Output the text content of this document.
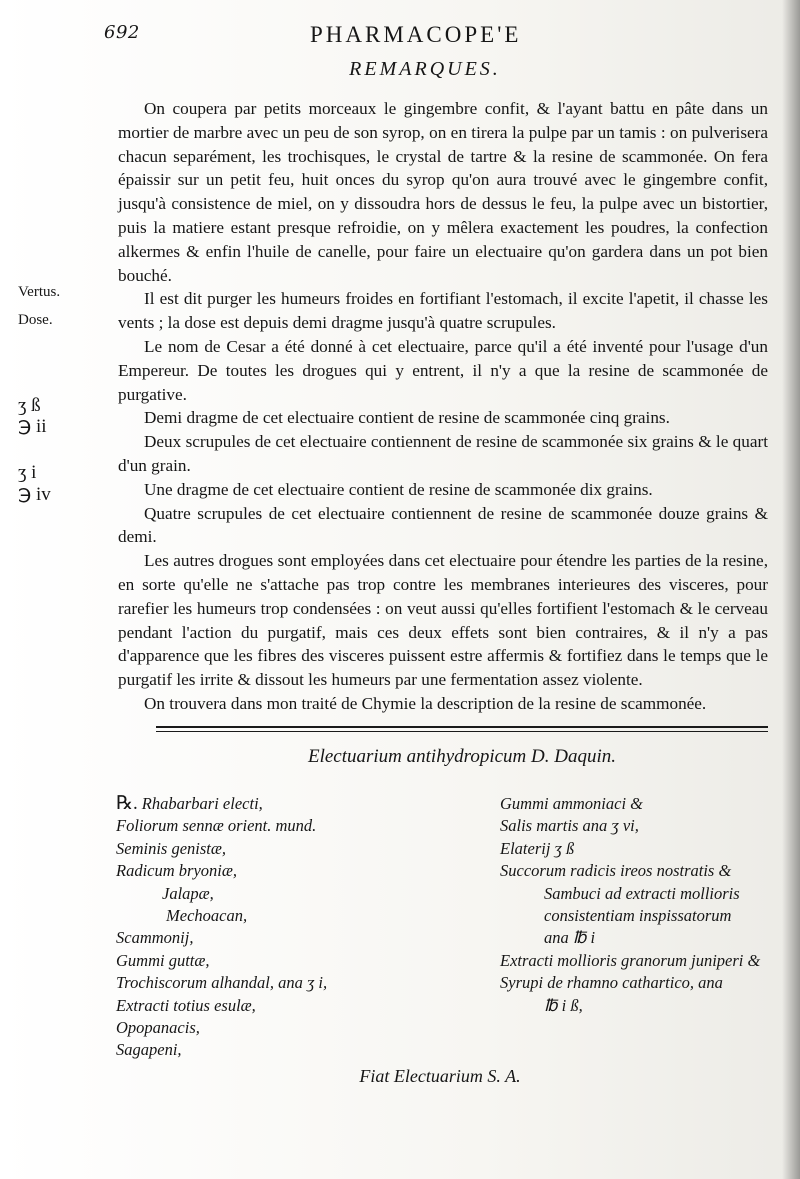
692	PHARMACOPE'E
REMARQUES.

On coupera par petits morceaux le gingembre confit, & l'ayant battu en pâte dans un mortier de marbre avec un peu de son syrop, on en tirera la pulpe par un tamis : on pulverisera chacun separément, les trochisques, le crystal de tartre & la resine de scammonée. On fera épaissir sur un petit feu, huit onces du syrop qu'on aura trouvé avec le gingembre confit, jusqu'à consistence de miel, on y dissoudra hors de dessus le feu, la pulpe avec un bistortier, puis la matiere estant presque refroidie, on y mêlera exactement les poudres, la confection alkermes & enfin l'huile de canelle, pour faire un electuaire qu'on gardera dans un pot bien bouché.

Il est dit purger les humeurs froides en fortifiant l'estomach, il excite l'apetit, il chasse les vents ; la dose est depuis demi dragme jusqu'à quatre scrupules.

Le nom de Cesar a été donné à cet electuaire, parce qu'il a été inventé pour l'usage d'un Empereur. De toutes les drogues qui y entrent, il n'y a que la resine de scammonée de purgative.

Demi dragme de cet electuaire contient de resine de scammonée cinq grains.

Deux scrupules de cet electuaire contiennent de resine de scammonée six grains & le quart d'un grain.

Une dragme de cet electuaire contient de resine de scammonée dix grains.

Quatre scrupules de cet electuaire contiennent de resine de scammonée douze grains & demi.

Les autres drogues sont employées dans cet electuaire pour étendre les parties de la resine, en sorte qu'elle ne s'attache pas trop contre les membranes interieures des visceres, pour rarefier les humeurs trop condensées : on veut aussi qu'elles fortifient l'estomach & le cerveau pendant l'action du purgatif, mais ces deux effets sont bien contraires, & il n'y a pas d'apparence que les fibres des visceres puissent estre affermis & fortifiez dans le temps que le purgatif les irrite & dissout les humeurs par une fermentation assez violente.

On trouvera dans mon traité de Chymie la description de la resine de scammonée.

Vertus.
Dose.
ʒ ß
℈ ii
ʒ i
℈ iv
Electuarium antihydropicum D. Daquin.
℞. Rhabarbari electi,
Foliorum sennæ orient. mund.
Seminis genistæ,
Radicum bryoniæ,
Jalapæ,
Mechoacan,
Scammonij,
Gummi guttæ,
Trochiscorum alhandal, ana ʒ i,
Extracti totius esulæ,
Opopanacis,
Sagapeni,
Gummi ammoniaci &
Salis martis ana ʒ vi,
Elaterij ʒ ß
Succorum radicis ireos nostratis &
Sambuci ad extracti mollioris
consistentiam inspissatorum
ana ℔ i
Extracti mollioris granorum juniperi &
Syrupi de rhamno cathartico, ana
℔ i ß,
Fiat Electuarium S. A.
